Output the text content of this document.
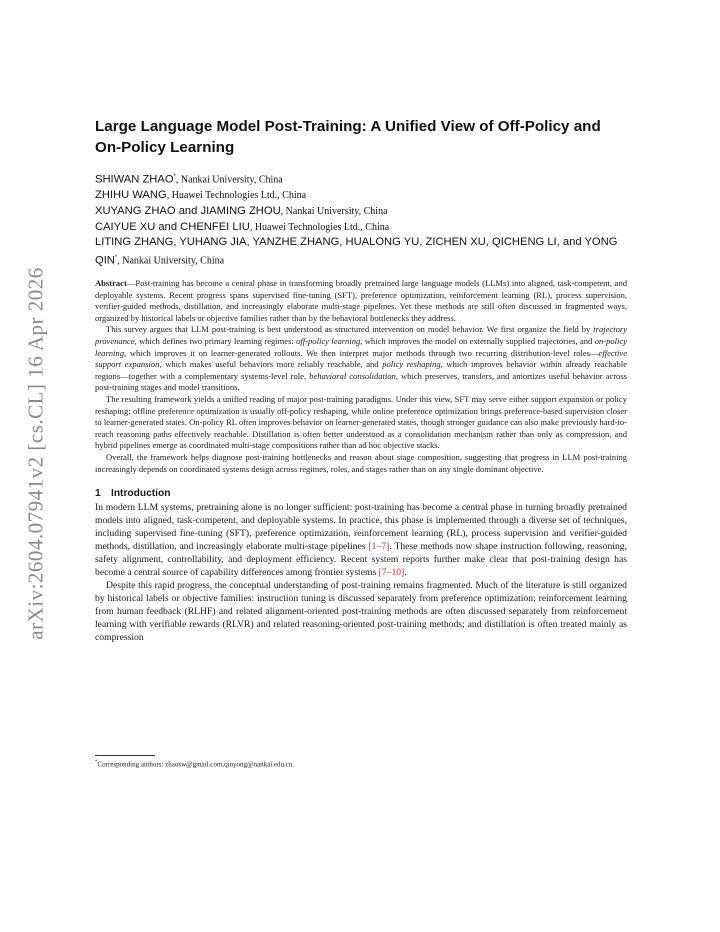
arXiv:2604.07941v2 [cs.CL] 16 Apr 2026
Large Language Model Post-Training: A Unified View of Off-Policy and On-Policy Learning
SHIWAN ZHAO*, Nankai University, China
ZHIHU WANG, Huawei Technologies Ltd., China
XUYANG ZHAO and JIAMING ZHOU, Nankai University, China
CAIYUE XU and CHENFEI LIU, Huawei Technologies Ltd., China
LITING ZHANG, YUHANG JIA, YANZHE ZHANG, HUALONG YU, ZICHEN XU, QICHENG LI, and YONG QIN*, Nankai University, China

Abstract—Post-training has become a central phase in transforming broadly pretrained large language models (LLMs) into aligned, task-competent, and deployable systems. Recent progress spans supervised fine-tuning (SFT), preference optimization, reinforcement learning (RL), process supervision, verifier-guided methods, distillation, and increasingly elaborate multi-stage pipelines. Yet these methods are still often discussed in fragmented ways, organized by historical labels or objective families rather than by the behavioral bottlenecks they address.

This survey argues that LLM post-training is best understood as structured intervention on model behavior. We first organize the field by trajectory provenance, which defines two primary learning regimes: off-policy learning, which improves the model on externally supplied trajectories, and on-policy learning, which improves it on learner-generated rollouts. We then interpret major methods through two recurring distribution-level roles—effective support expansion, which makes useful behaviors more reliably reachable, and policy reshaping, which improves behavior within already reachable regions—together with a complementary systems-level role, behavioral consolidation, which preserves, transfers, and amortizes useful behavior across post-training stages and model transitions.

The resulting framework yields a unified reading of major post-training paradigms. Under this view, SFT may serve either support expansion or policy reshaping; offline preference optimization is usually off-policy reshaping, while online preference optimization brings preference-based supervision closer to learner-generated states. On-policy RL often improves behavior on learner-generated states, though stronger guidance can also make previously hard-to-reach reasoning paths effectively reachable. Distillation is often better understood as a consolidation mechanism rather than only as compression, and hybrid pipelines emerge as coordinated multi-stage compositions rather than ad hoc objective stacks.

Overall, the framework helps diagnose post-training bottlenecks and reason about stage composition, suggesting that progress in LLM post-training increasingly depends on coordinated systems design across regimes, roles, and stages rather than on any single dominant objective.

1 Introduction

In modern LLM systems, pretraining alone is no longer sufficient: post-training has become a central phase in turning broadly pretrained models into aligned, task-competent, and deployable systems. In practice, this phase is implemented through a diverse set of techniques, including supervised fine-tuning (SFT), preference optimization, reinforcement learning (RL), process supervision and verifier-guided methods, distillation, and increasingly elaborate multi-stage pipelines [1–7]. These methods now shape instruction following, reasoning, safety alignment, controllability, and deployment efficiency. Recent system reports further make clear that post-training design has become a central source of capability differences among frontier systems [7–10].

Despite this rapid progress, the conceptual understanding of post-training remains fragmented. Much of the literature is still organized by historical labels or objective families: instruction tuning is discussed separately from preference optimization; reinforcement learning from human feedback (RLHF) and related alignment-oriented post-training methods are often discussed separately from reinforcement learning with verifiable rewards (RLVR) and related reasoning-oriented post-training methods; and distillation is often treated mainly as compression

*Corresponding authors: zhaosw@gmail.com,qinyong@nankai.edu.cn.
